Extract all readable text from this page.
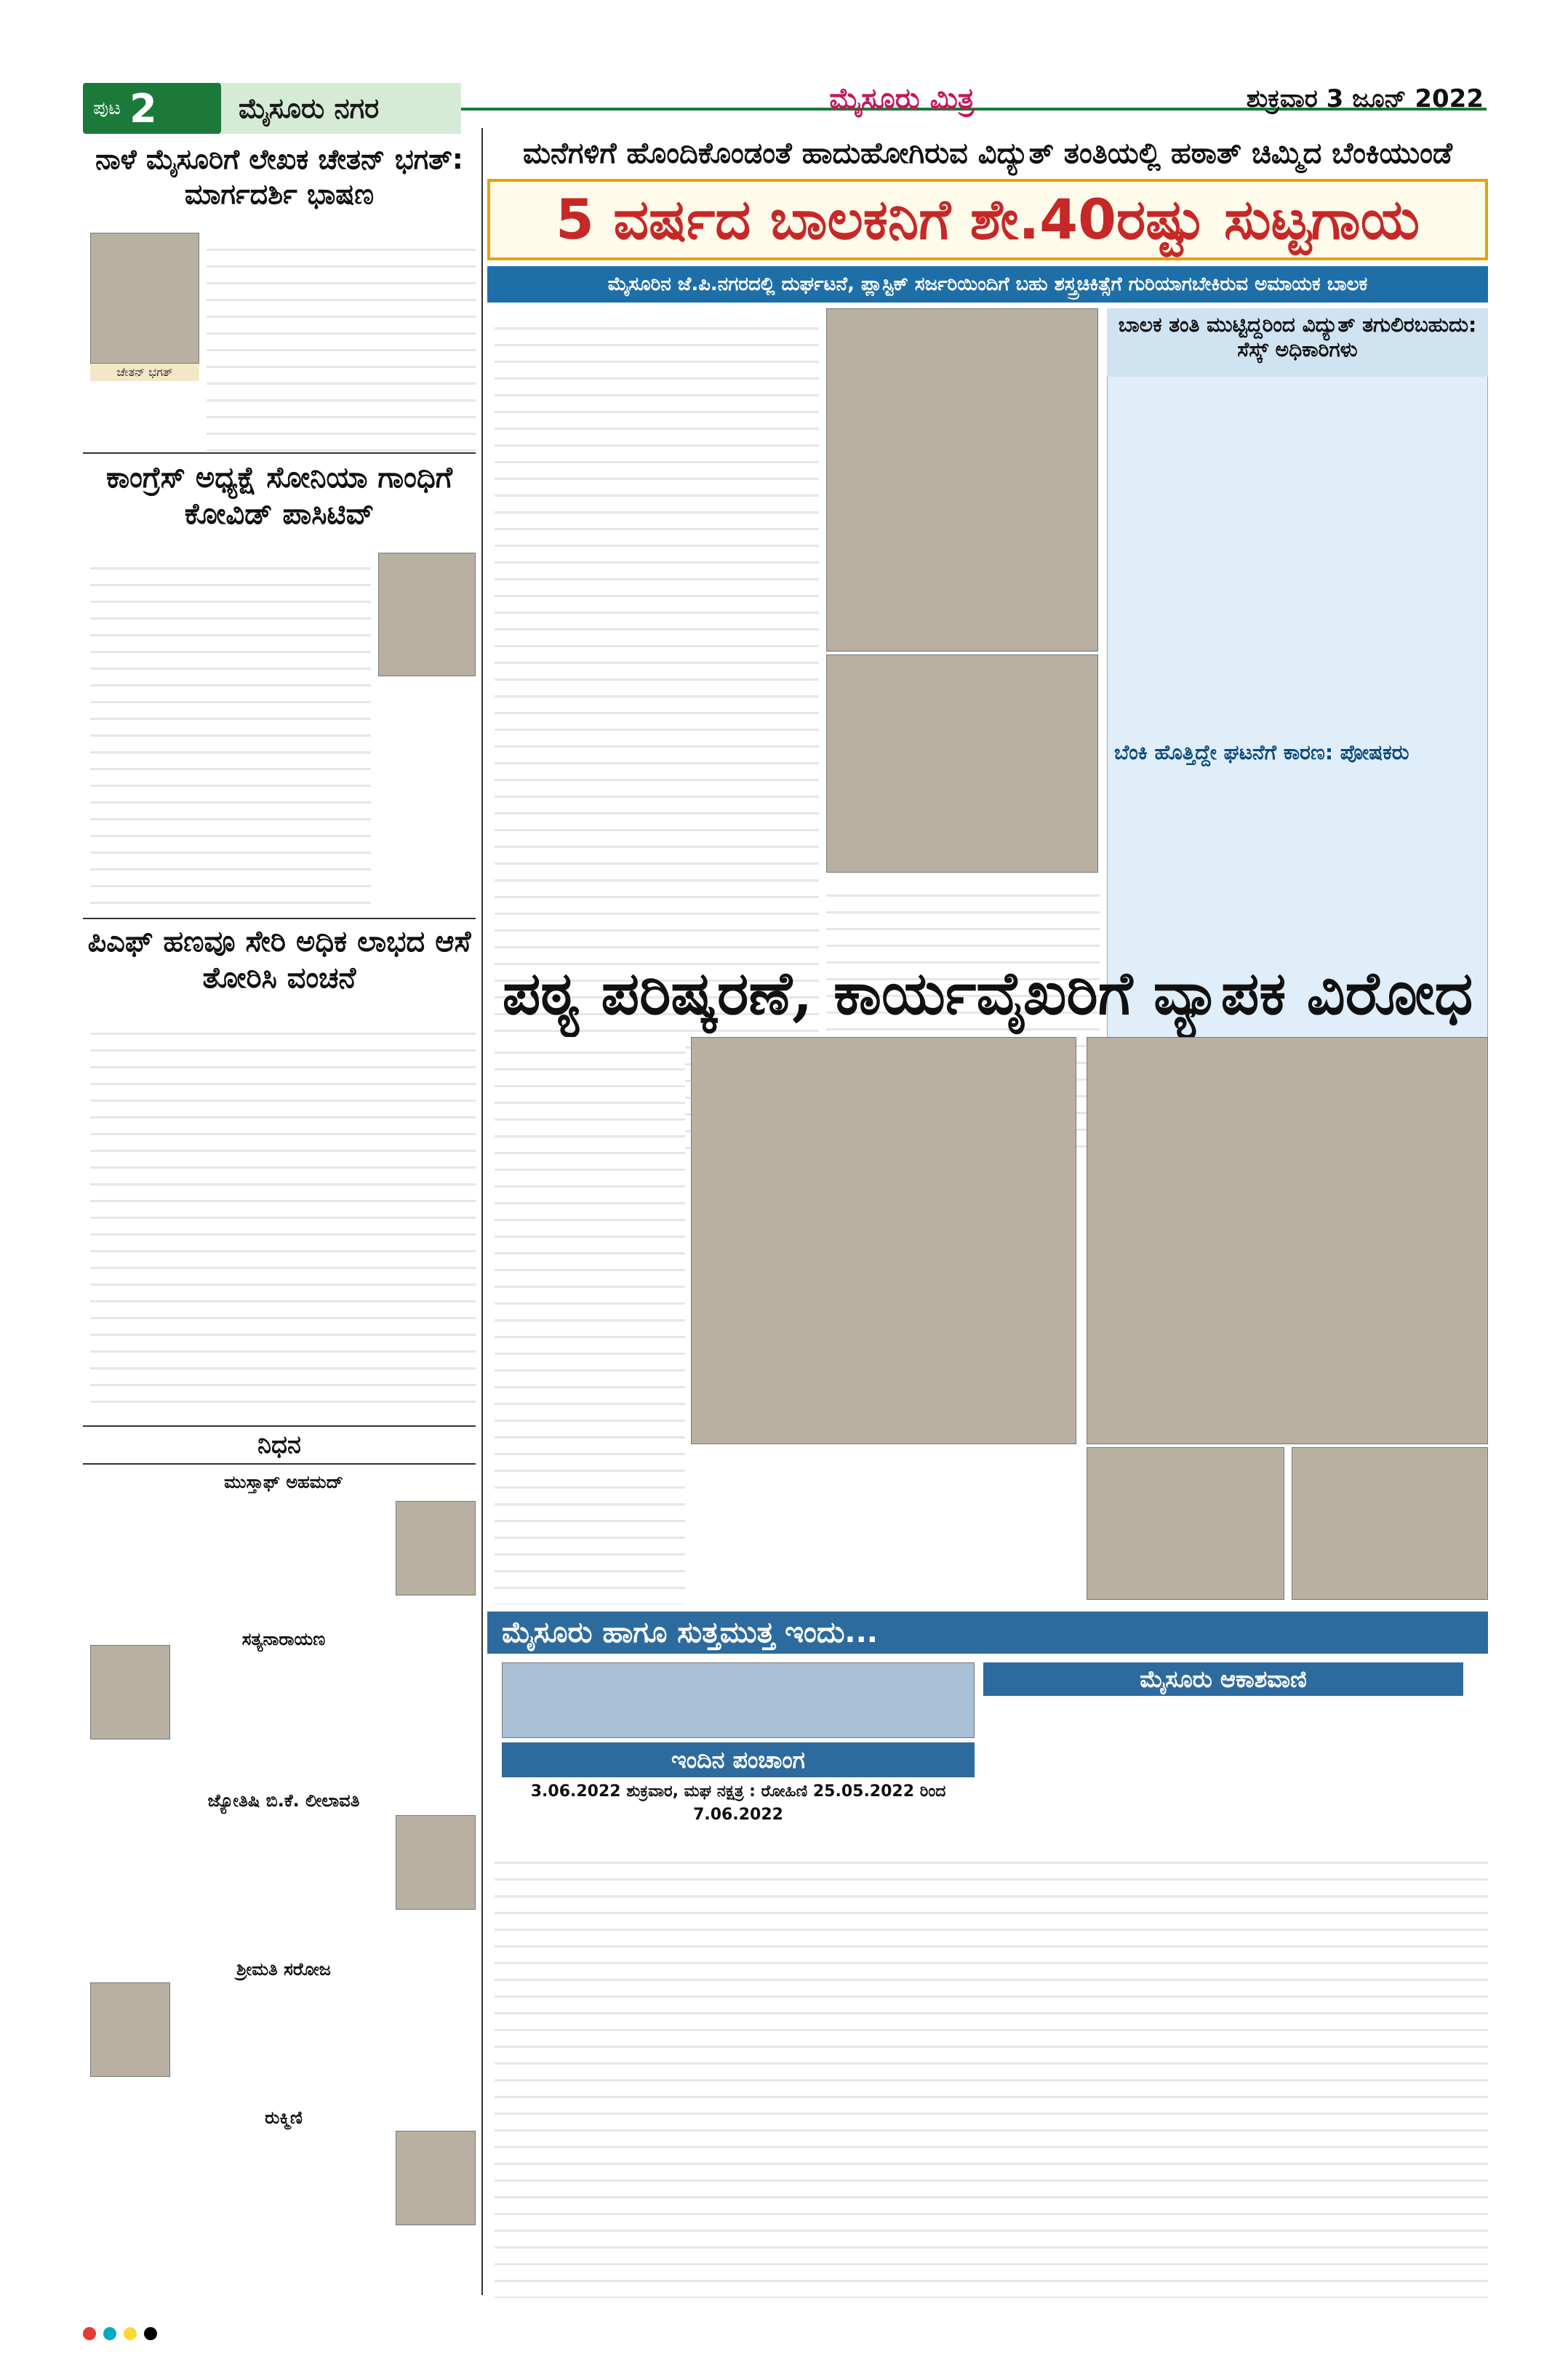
ಪುಟ 2	ಮೈಸೂರು ನಗರ	ಮೈಸೂರು ಮಿತ್ರ	ಶುಕ್ರವಾರ 3 ಜೂನ್ 2022
ನಾಳೆ ಮೈಸೂರಿಗೆ ಲೇಖಕ ಚೇತನ್ ಭಗತ್: ಮಾರ್ಗದರ್ಶಿ ಭಾಷಣ
ಚೇತನ್ ಭಗತ್
ಕಾಂಗ್ರೆಸ್ ಅಧ್ಯಕ್ಷೆ ಸೋನಿಯಾ ಗಾಂಧಿಗೆ ಕೋವಿಡ್ ಪಾಸಿಟಿವ್
ಪಿಎಫ್ ಹಣವೂ ಸೇರಿ ಅಧಿಕ ಲಾಭದ ಆಸೆ ತೋರಿಸಿ ವಂಚನೆ
ನಿಧನ
ಮುಸ್ತಾಫ್ ಅಹಮದ್
ಸತ್ಯನಾರಾಯಣ
ಜ್ಯೋತಿಷಿ ಬಿ.ಕೆ. ಲೀಲಾವತಿ
ಶ್ರೀಮತಿ ಸರೋಜ
ರುಕ್ಮಿಣಿ
ಮನೆಗಳಿಗೆ ಹೊಂದಿಕೊಂಡಂತೆ ಹಾದುಹೋಗಿರುವ ವಿದ್ಯುತ್ ತಂತಿಯಲ್ಲಿ ಹಠಾತ್ ಚಿಮ್ಮಿದ ಬೆಂಕಿಯುಂಡೆ
5 ವರ್ಷದ ಬಾಲಕನಿಗೆ ಶೇ.40ರಷ್ಟು ಸುಟ್ಟಗಾಯ
ಮೈಸೂರಿನ ಜೆ.ಪಿ.ನಗರದಲ್ಲಿ ದುರ್ಘಟನೆ, ಪ್ಲಾಸ್ಟಿಕ್ ಸರ್ಜರಿಯಿಂದಿಗೆ ಬಹು ಶಸ್ತ್ರಚಿಕಿತ್ಸೆಗೆ ಗುರಿಯಾಗಬೇಕಿರುವ ಅಮಾಯಕ ಬಾಲಕ
ಬಾಲಕ ತಂತಿ ಮುಟ್ಟಿದ್ದರಿಂದ ವಿದ್ಯುತ್ ತಗುಲಿರಬಹುದು: ಸೆಸ್ಕ್ ಅಧಿಕಾರಿಗಳು
ಬೆಂಕಿ ಹೊತ್ತಿದ್ದೇ ಘಟನೆಗೆ ಕಾರಣ: ಪೋಷಕರು
ಪಠ್ಯ ಪರಿಷ್ಕರಣೆ, ಕಾರ್ಯವೈಖರಿಗೆ ವ್ಯಾಪಕ ವಿರೋಧ
ಮೈಸೂರು ಹಾಗೂ ಸುತ್ತಮುತ್ತ ಇಂದು...
ಇಂದಿನ ಪಂಚಾಂಗ
3.06.2022 ಶುಕ್ರವಾರ, ಮಘ ನಕ್ಷತ್ರ : ರೋಹಿಣಿ 25.05.2022 ರಿಂದ 7.06.2022
ಮೈಸೂರು ಆಕಾಶವಾಣಿ
